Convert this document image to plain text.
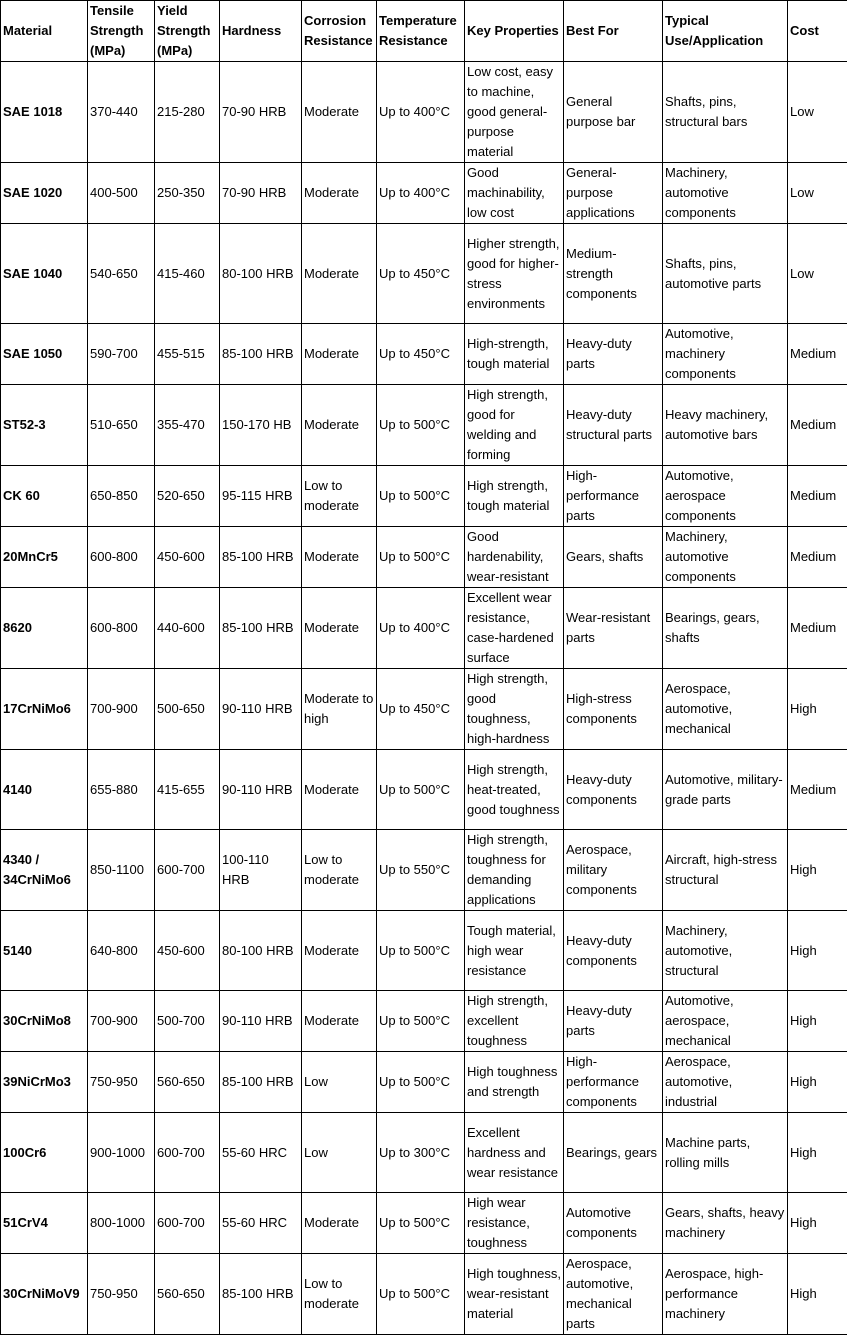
Material	Tensile Strength (MPa)	Yield Strength (MPa)	Hardness	Corrosion Resistance	Temperature Resistance	Key Properties	Best For	Typical Use/Application	Cost
SAE 1018	370-440	215-280	70-90 HRB	Moderate	Up to 400°C	Low cost, easy to machine, good general-purpose material	General purpose bar	Shafts, pins, structural bars	Low
SAE 1020	400-500	250-350	70-90 HRB	Moderate	Up to 400°C	Good machinability, low cost	General-purpose applications	Machinery, automotive components	Low
SAE 1040	540-650	415-460	80-100 HRB	Moderate	Up to 450°C	Higher strength, good for higher-stress environments	Medium-strength components	Shafts, pins, automotive parts	Low
SAE 1050	590-700	455-515	85-100 HRB	Moderate	Up to 450°C	High-strength, tough material	Heavy-duty parts	Automotive, machinery components	Medium
ST52-3	510-650	355-470	150-170 HB	Moderate	Up to 500°C	High strength, good for welding and forming	Heavy-duty structural parts	Heavy machinery, automotive bars	Medium
CK 60	650-850	520-650	95-115 HRB	Low to moderate	Up to 500°C	High strength, tough material	High-performance parts	Automotive, aerospace components	Medium
20MnCr5	600-800	450-600	85-100 HRB	Moderate	Up to 500°C	Good hardenability, wear-resistant	Gears, shafts	Machinery, automotive components	Medium
8620	600-800	440-600	85-100 HRB	Moderate	Up to 400°C	Excellent wear resistance, case-hardened surface	Wear-resistant parts	Bearings, gears, shafts	Medium
17CrNiMo6	700-900	500-650	90-110 HRB	Moderate to high	Up to 450°C	High strength, good toughness, high-hardness	High-stress components	Aerospace, automotive, mechanical	High
4140	655-880	415-655	90-110 HRB	Moderate	Up to 500°C	High strength, heat-treated, good toughness	Heavy-duty components	Automotive, military-grade parts	Medium
4340 / 34CrNiMo6	850-1100	600-700	100-110 HRB	Low to moderate	Up to 550°C	High strength, toughness for demanding applications	Aerospace, military components	Aircraft, high-stress structural	High
5140	640-800	450-600	80-100 HRB	Moderate	Up to 500°C	Tough material, high wear resistance	Heavy-duty components	Machinery, automotive, structural	High
30CrNiMo8	700-900	500-700	90-110 HRB	Moderate	Up to 500°C	High strength, excellent toughness	Heavy-duty parts	Automotive, aerospace, mechanical	High
39NiCrMo3	750-950	560-650	85-100 HRB	Low	Up to 500°C	High toughness and strength	High-performance components	Aerospace, automotive, industrial	High
100Cr6	900-1000	600-700	55-60 HRC	Low	Up to 300°C	Excellent hardness and wear resistance	Bearings, gears	Machine parts, rolling mills	High
51CrV4	800-1000	600-700	55-60 HRC	Moderate	Up to 500°C	High wear resistance, toughness	Automotive components	Gears, shafts, heavy machinery	High
30CrNiMoV9	750-950	560-650	85-100 HRB	Low to moderate	Up to 500°C	High toughness, wear-resistant material	Aerospace, automotive, mechanical parts	Aerospace, high-performance machinery	High
